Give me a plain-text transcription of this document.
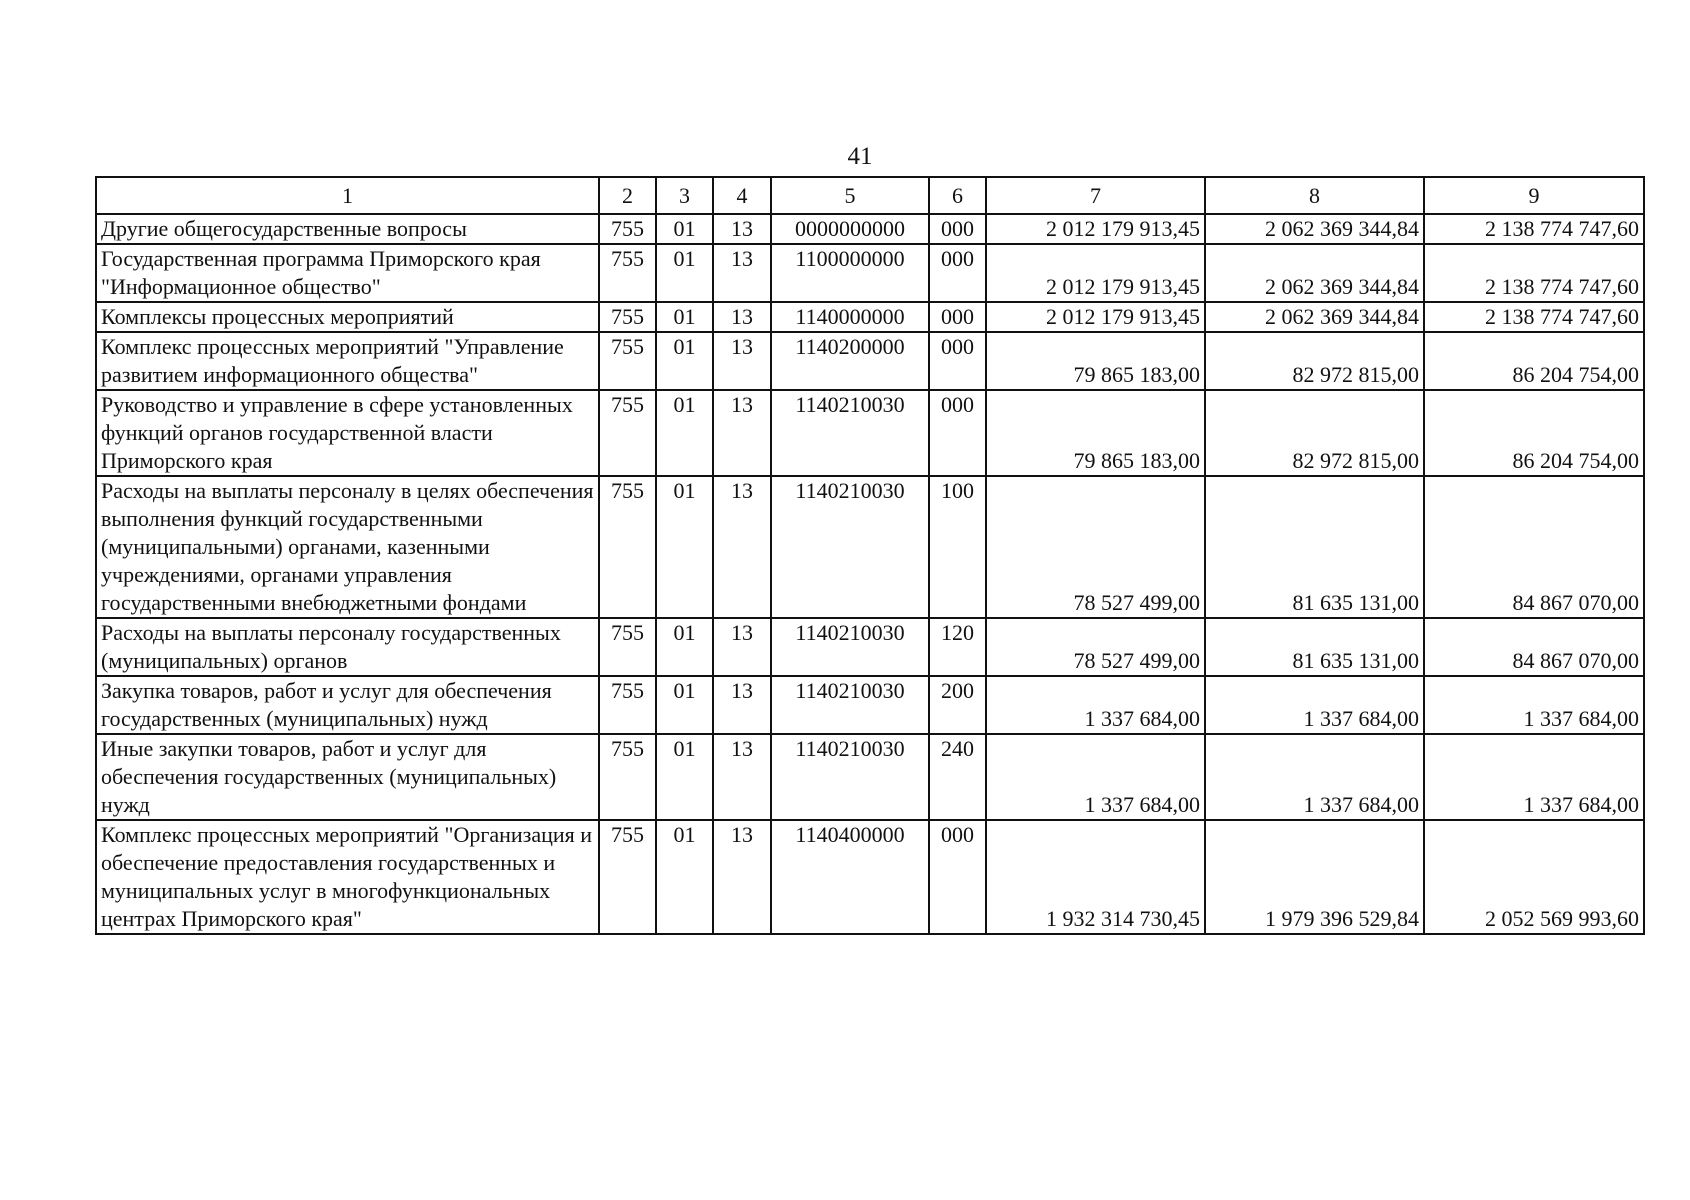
41
1	2	3	4	5	6	7	8	9
Другие общегосударственные вопросы	755	01	13	0000000000	000	2 012 179 913,45	2 062 369 344,84	2 138 774 747,60
Государственная программа Приморского края "Информационное общество"	755	01	13	1100000000	000	2 012 179 913,45	2 062 369 344,84	2 138 774 747,60
Комплексы процессных мероприятий	755	01	13	1140000000	000	2 012 179 913,45	2 062 369 344,84	2 138 774 747,60
Комплекс процессных мероприятий "Управление развитием информационного общества"	755	01	13	1140200000	000	79 865 183,00	82 972 815,00	86 204 754,00
Руководство и управление в сфере установленных функций органов государственной власти Приморского края	755	01	13	1140210030	000	79 865 183,00	82 972 815,00	86 204 754,00
Расходы на выплаты персоналу в целях обеспечения выполнения функций государственными (муниципальными) органами, казенными учреждениями, органами управления государственными внебюджетными фондами	755	01	13	1140210030	100	78 527 499,00	81 635 131,00	84 867 070,00
Расходы на выплаты персоналу государственных (муниципальных) органов	755	01	13	1140210030	120	78 527 499,00	81 635 131,00	84 867 070,00
Закупка товаров, работ и услуг для обеспечения государственных (муниципальных) нужд	755	01	13	1140210030	200	1 337 684,00	1 337 684,00	1 337 684,00
Иные закупки товаров, работ и услуг для обеспечения государственных (муниципальных) нужд	755	01	13	1140210030	240	1 337 684,00	1 337 684,00	1 337 684,00
Комплекс процессных мероприятий "Организация и обеспечение предоставления государственных и муниципальных услуг в многофункциональных центрах Приморского края"	755	01	13	1140400000	000	1 932 314 730,45	1 979 396 529,84	2 052 569 993,60
